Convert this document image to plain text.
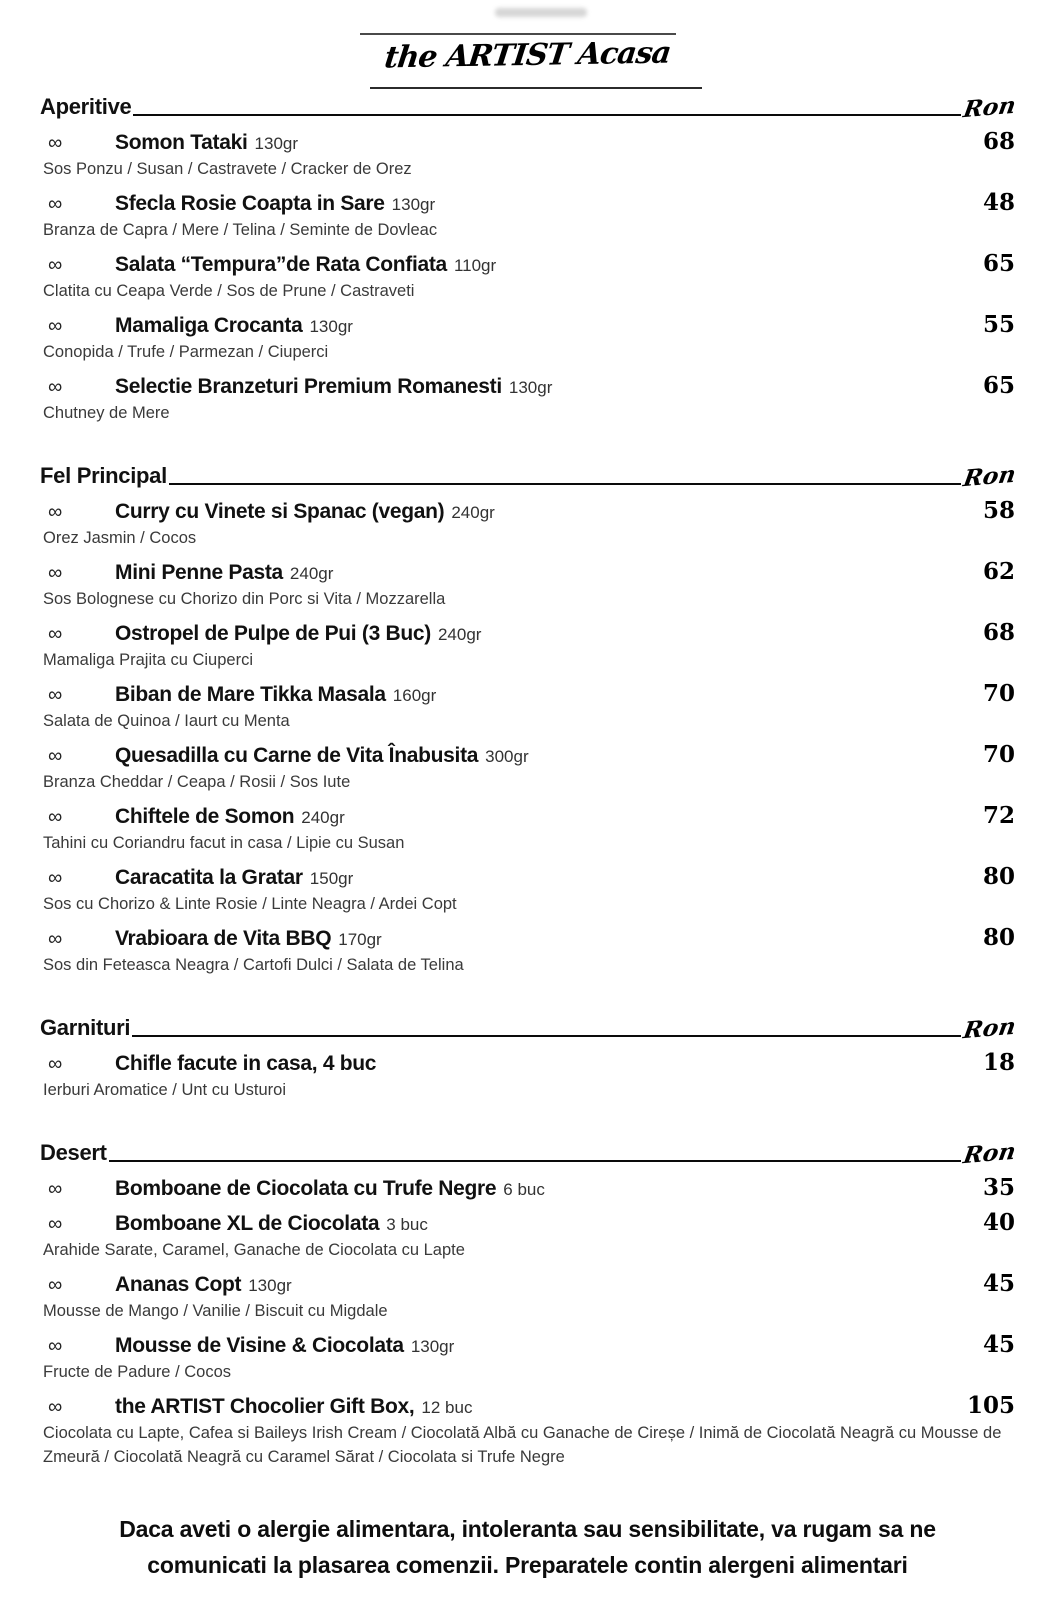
the ARTIST Acasa
Aperitive	Ron
∞	Somon Tataki 130gr	68
Sos Ponzu / Susan / Castravete / Cracker de Orez
∞	Sfecla Rosie Coapta in Sare 130gr	48
Branza de Capra / Mere / Telina / Seminte de Dovleac
∞	Salata “Tempura”de Rata Confiata 110gr	65
Clatita cu Ceapa Verde / Sos de Prune / Castraveti
∞	Mamaliga Crocanta 130gr	55
Conopida / Trufe / Parmezan / Ciuperci
∞	Selectie Branzeturi Premium Romanesti 130gr	65
Chutney de Mere
Fel Principal	Ron
∞	Curry cu Vinete si Spanac (vegan) 240gr	58
Orez Jasmin / Cocos
∞	Mini Penne Pasta 240gr	62
Sos Bolognese cu Chorizo din Porc si Vita / Mozzarella
∞	Ostropel de Pulpe de Pui (3 Buc) 240gr	68
Mamaliga Prajita cu Ciuperci
∞	Biban de Mare Tikka Masala 160gr	70
Salata de Quinoa / Iaurt cu Menta
∞	Quesadilla cu Carne de Vita Înabusita 300gr	70
Branza Cheddar / Ceapa / Rosii / Sos Iute
∞	Chiftele de Somon 240gr	72
Tahini cu Coriandru facut in casa / Lipie cu Susan
∞	Caracatita la Gratar 150gr	80
Sos cu Chorizo & Linte Rosie / Linte Neagra / Ardei Copt
∞	Vrabioara de Vita BBQ 170gr	80
Sos din Feteasca Neagra / Cartofi Dulci / Salata de Telina
Garnituri	Ron
∞	Chifle facute in casa, 4 buc	18
Ierburi Aromatice / Unt cu Usturoi
Desert	Ron
∞	Bomboane de Ciocolata cu Trufe Negre 6 buc	35
∞	Bomboane XL de Ciocolata 3 buc	40
Arahide Sarate, Caramel, Ganache de Ciocolata cu Lapte
∞	Ananas Copt 130gr	45
Mousse de Mango / Vanilie / Biscuit cu Migdale
∞	Mousse de Visine & Ciocolata 130gr	45
Fructe de Padure / Cocos
∞	the ARTIST Chocolier Gift Box, 12 buc	105
Ciocolata cu Lapte, Cafea si Baileys Irish Cream / Ciocolată Albă cu Ganache de Cireșe / Inimă de Ciocolată Neagră cu Mousse de Zmeură / Ciocolată Neagră cu Caramel Sărat / Ciocolata si Trufe Negre
Daca aveti o alergie alimentara, intoleranta sau sensibilitate, va rugam sa ne
comunicati la plasarea comenzii. Preparatele contin alergeni alimentari
